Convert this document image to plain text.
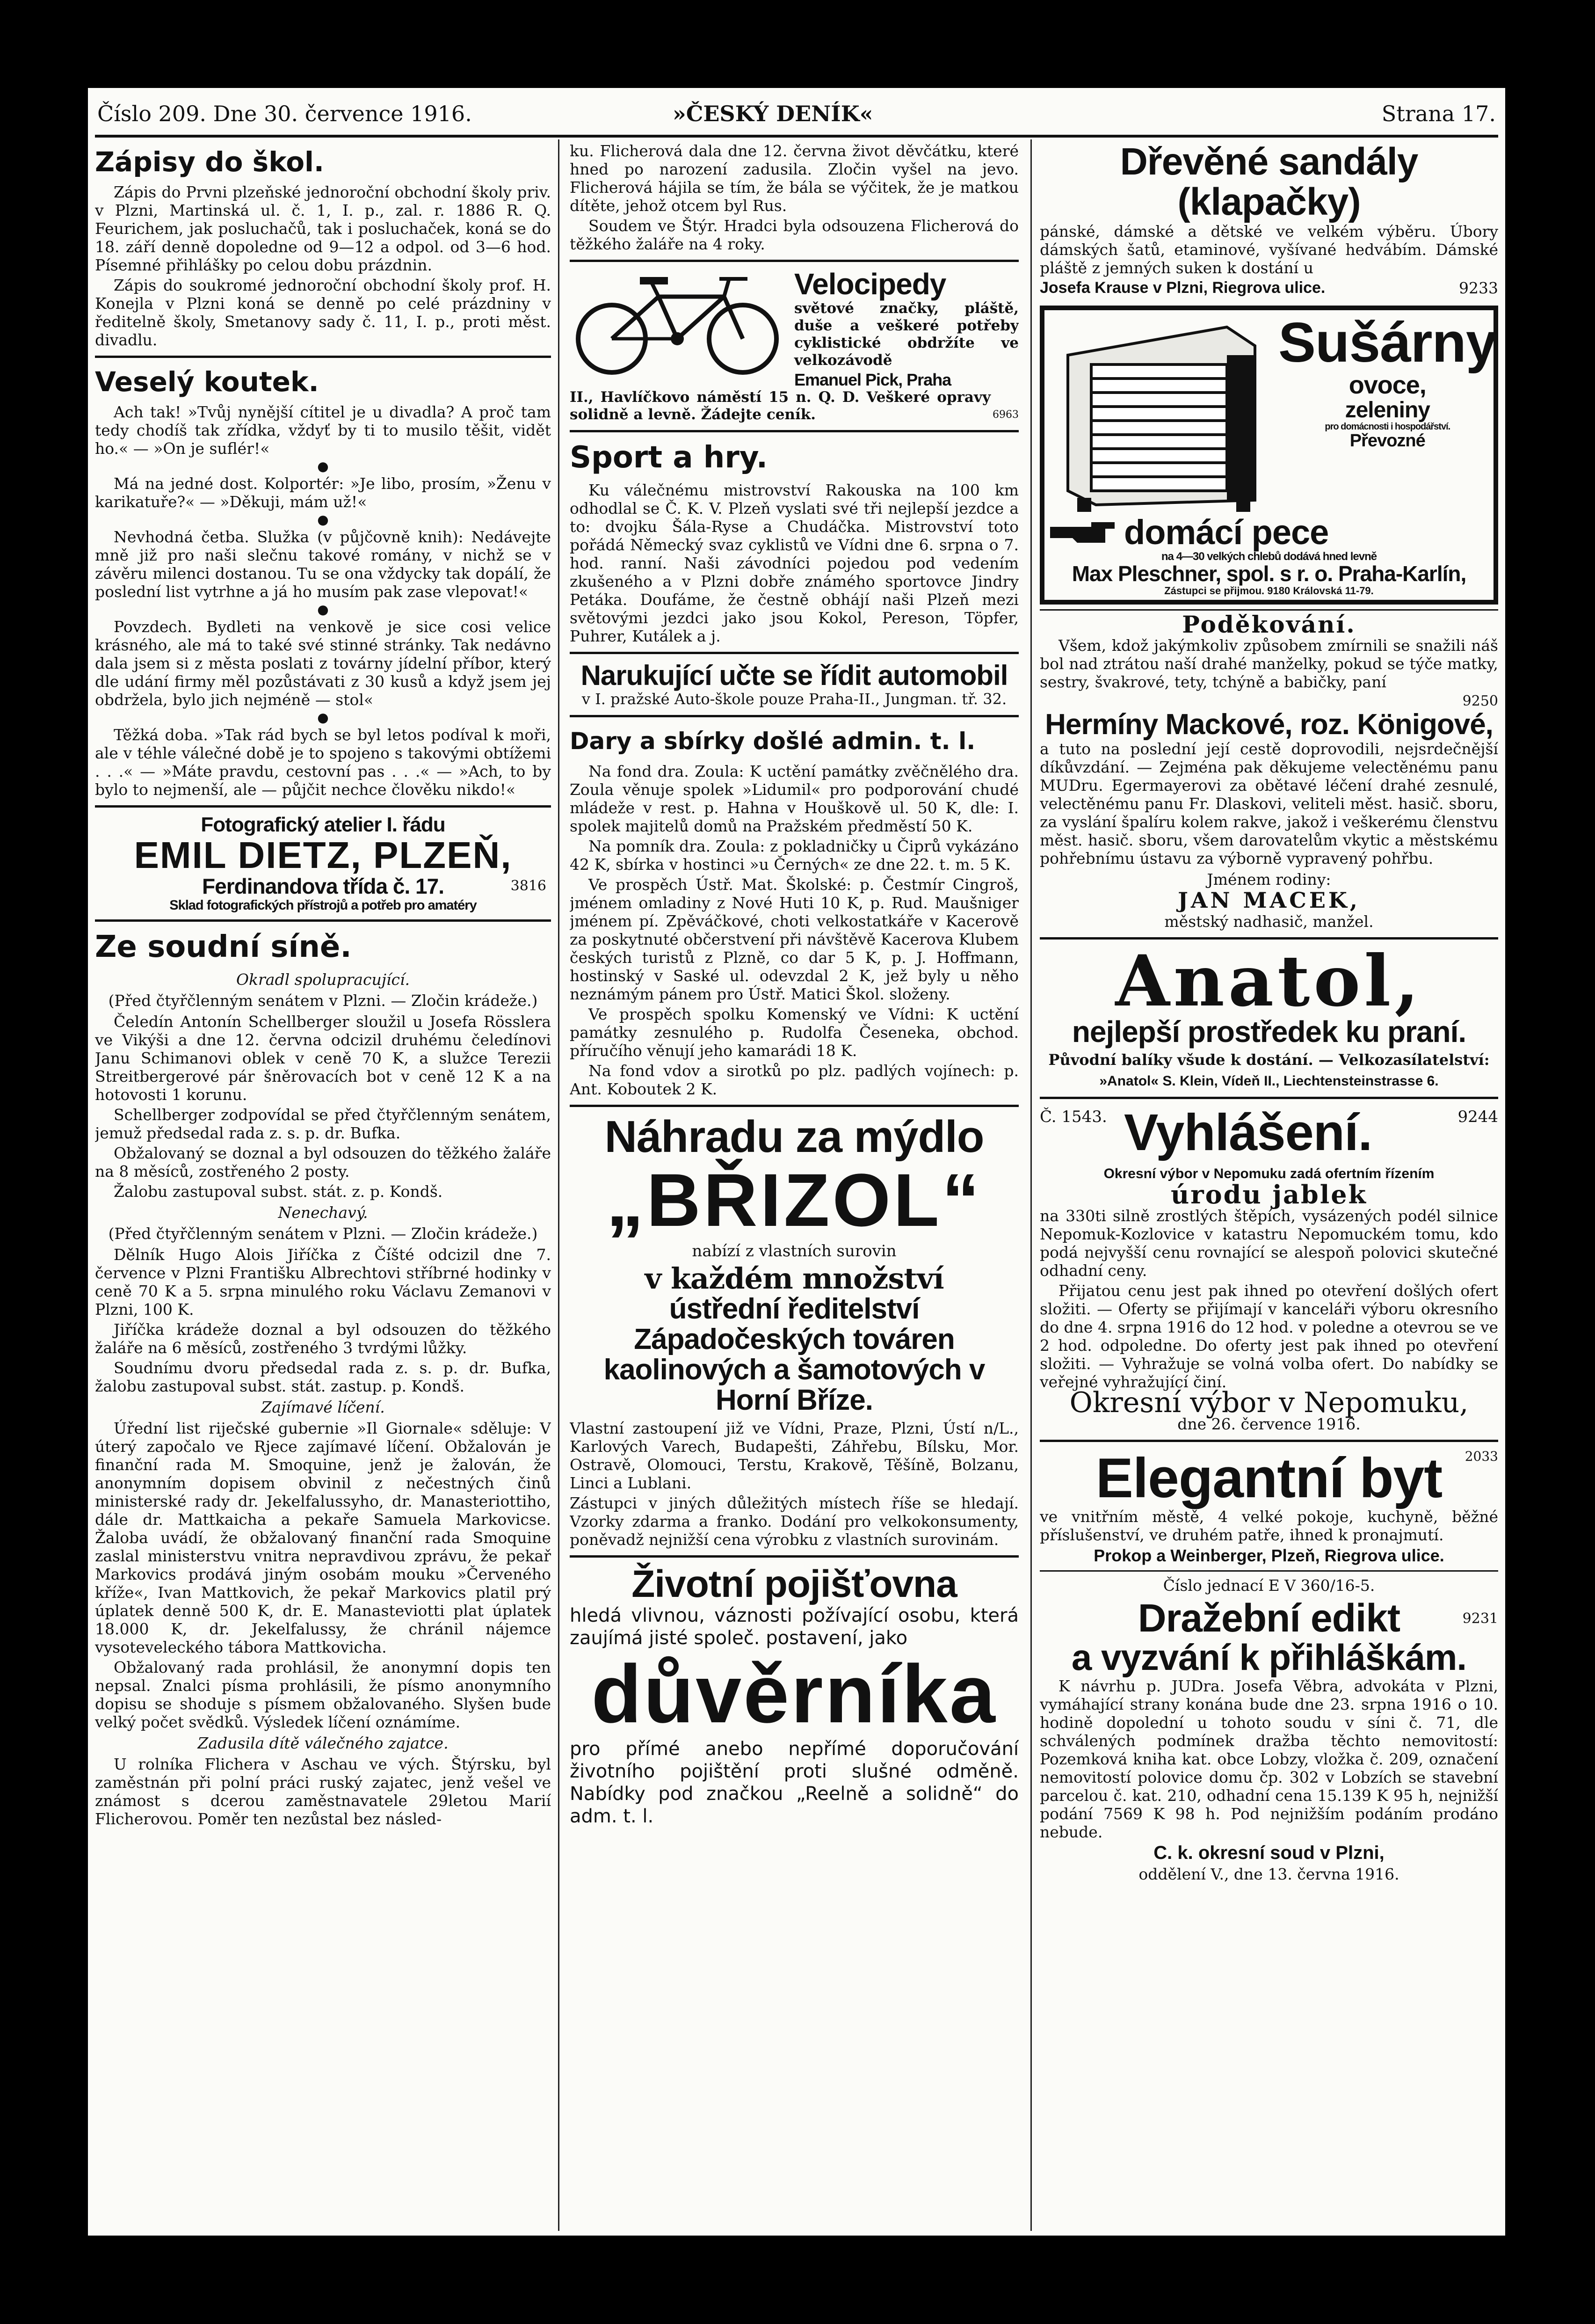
Číslo 209. Dne 30. července 1916.	»ČESKÝ DENÍK«	Strana 17.
Zápisy do škol.

Zápis do Prvni plzeňské jednoroční obchodní školy priv. v Plzni, Martinská ul. č. 1, I. p., zal. r. 1886 R. Q. Feurichem, jak posluchačů, tak i posluchaček, koná se do 18. září denně dopoledne od 9—12 a odpol. od 3—6 hod. Písemné přihlášky po celou dobu prázdnin.

Zápis do soukromé jednoroční obchodní školy prof. H. Konejla v Plzni koná se denně po celé prázdniny v ředitelně školy, Smetanovy sady č. 11, I. p., proti měst. divadlu.

Veselý koutek.

Ach tak! »Tvůj nynější cítitel je u divadla? A proč tam tedy chodíš tak zřídka, vždyť by ti to musilo těšit, vidět ho.« — »On je suflér!«

●

Má na jedné dost. Kolportér: »Je libo, prosím, »Ženu v karikatuře?« — »Děkuji, mám už!«

●

Nevhodná četba. Služka (v půjčovně knih): Nedávejte mně již pro naši slečnu takové romány, v nichž se v závěru milenci dostanou. Tu se ona vždycky tak dopálí, že poslední list vytrhne a já ho musím pak zase vlepovat!«

●

Povzdech. Bydleti na venkově je sice cosi velice krásného, ale má to také své stinné stránky. Tak nedávno dala jsem si z města poslati z továrny jídelní příbor, který dle udání firmy měl pozůstávati z 30 kusů a když jsem jej obdržela, bylo jich nejméně — stol«

●

Těžká doba. »Tak rád bych se byl letos podíval k moři, ale v téhle válečné době je to spojeno s takovými obtížemi . . .« — »Máte pravdu, cestovní pas . . .« — »Ach, to by bylo to nejmenší, ale — půjčit nechce člověku nikdo!«

Fotografický atelier I. řádu
EMIL DIETZ, PLZEŇ,
Ferdinandova třída č. 17.	3816
Sklad fotografických přístrojů a potřeb pro amatéry
Ze soudní síně.
Okradl spolupracující.
(Před čtyřčlenným senátem v Plzni. — Zločin krádeže.)

Čeledín Antonín Schellberger sloužil u Josefa Rösslera ve Vikýši a dne 12. června odcizil druhému čeledínovi Janu Schimanovi oblek v ceně 70 K, a služce Terezii Streitbergerové pár šněrovacích bot v ceně 12 K a na hotovosti 1 korunu.

Schellberger zodpovídal se před čtyřčlenným senátem, jemuž předsedal rada z. s. p. dr. Bufka.

Obžalovaný se doznal a byl odsouzen do těžkého žaláře na 8 měsíců, zostřeného 2 posty.

Žalobu zastupoval subst. stát. z. p. Kondš.

Nenechavý.
(Před čtyřčlenným senátem v Plzni. — Zločin krádeže.)

Dělník Hugo Alois Jiříčka z Číšté odcizil dne 7. července v Plzni Františku Albrechtovi stříbrné hodinky v ceně 70 K a 5. srpna minulého roku Václavu Zemanovi v Plzni, 100 K.

Jiříčka krádeže doznal a byl odsouzen do těžkého žaláře na 6 měsíců, zostřeného 3 tvrdými lůžky.

Soudnímu dvoru předsedal rada z. s. p. dr. Bufka, žalobu zastupoval subst. stát. zastup. p. Kondš.

Zajímavé líčení.

Úřední list riječské gubernie »Il Giornale« sděluje: V úterý započalo ve Rjece zajímavé líčení. Obžalován je finanční rada M. Smoquine, jenž je žalován, že anonymním dopisem obvinil z nečestných činů ministerské rady dr. Jekelfalussyho, dr. Manasteriottiho, dále dr. Mattkaicha a pekaře Samuela Markovicse. Žaloba uvádí, že obžalovaný finanční rada Smoquine zaslal ministerstvu vnitra nepravdivou zprávu, že pekař Markovics prodává jiným osobám mouku »Červeného kříže«, Ivan Mattkovich, že pekař Markovics platil prý úplatek denně 500 K, dr. E. Manasteviotti plat úplatek 18.000 K, dr. Jekelfalussy, že chránil nájemce vysoteveleckého tábora Mattkovicha.

Obžalovaný rada prohlásil, že anonymní dopis ten nepsal. Znalci písma prohlásili, že písmo anonymního dopisu se shoduje s písmem obžalovaného. Slyšen bude velký počet svědků. Výsledek líčení oznámíme.

Zadusila dítě válečného zajatce.

U rolníka Flichera v Aschau ve vých. Štýrsku, byl zaměstnán při polní práci ruský zajatec, jenž vešel ve známost s dcerou zaměstnavatele 29letou Marií Flicherovou. Poměr ten nezůstal bez násled-

ku. Flicherová dala dne 12. června život děvčátku, které hned po narození zadusila. Zločin vyšel na jevo. Flicherová hájila se tím, že bála se výčitek, že je matkou dítěte, jehož otcem byl Rus.

Soudem ve Štýr. Hradci byla odsouzena Flicherová do těžkého žaláře na 4 roky.

Velocipedy
světové značky, pláště, duše a veškeré potřeby cyklistické obdržíte ve velkozávodě
Emanuel Pick, Praha

II., Havlíčkovo náměstí 15 n. Q. D. Veškeré opravy solidně a levně. Žádejte ceník.	6963
Sport a hry.

Ku válečnému mistrovství Rakouska na 100 km odhodlal se Č. K. V. Plzeň vyslati své tři nejlepší jezdce a to: dvojku Šála-Ryse a Chudáčka. Mistrovství toto pořádá Německý svaz cyklistů ve Vídni dne 6. srpna o 7. hod. ranní. Naši závodníci pojedou pod vedením zkušeného a v Plzni dobře známého sportovce Jindry Petáka. Doufáme, že čestně obhájí naši Plzeň mezi světovými jezdci jako jsou Kokol, Pereson, Töpfer, Puhrer, Kutálek a j.

Narukující učte se řídit automobil

v I. pražské Auto-škole pouze Praha-II., Jungman. tř. 32.

Dary a sbírky došlé admin. t. l.

Na fond dra. Zoula: K uctění památky zvěčnělého dra. Zoula věnuje spolek »Lidumil« pro podporování chudé mládeže v rest. p. Hahna v Houškově ul. 50 K, dle: I. spolek majitelů domů na Pražském předměstí 50 K.

Na pomník dra. Zoula: z pokladničky u Čiprů vykázáno 42 K, sbírka v hostinci »u Černých« ze dne 22. t. m. 5 K.

Ve prospěch Ústř. Mat. Školské: p. Čestmír Cingroš, jménem omladiny z Nové Huti 10 K, p. Rud. Maušniger jménem pí. Zpěváčkové, choti velkostatkáře v Kacerově za poskytnuté občerstvení při návštěvě Kacerova Klubem českých turistů z Plzně, co dar 5 K, p. J. Hoffmann, hostinský v Saské ul. odevzdal 2 K, jež byly u něho neznámým pánem pro Ústř. Matici Škol. složeny.

Ve prospěch spolku Komenský ve Vídni: K uctění památky zesnulého p. Rudolfa Česeneka, obchod. příručího věnují jeho kamarádi 18 K.

Na fond vdov a sirotků po plz. padlých vojínech: p. Ant. Koboutek 2 K.

Náhradu za mýdlo
„BŘIZOL“
nabízí z vlastních surovin
v každém množství
ústřední ředitelství Západočeských továren kaolinových a šamotových v Horní Bříze.

Vlastní zastoupení již ve Vídni, Praze, Plzni, Ústí n/L., Karlových Varech, Budapešti, Záhřebu, Bílsku, Mor. Ostravě, Olomouci, Terstu, Krakově, Těšíně, Bolzanu, Linci a Lublani.

Zástupci v jiných důležitých místech říše se hledají. Vzorky zdarma a franko. Dodání pro velkokonsumenty, poněvadž nejnižší cena výrobku z vlastních surovinám.

Životní pojišťovna

hledá vlivnou, váznosti požívající osobu, která zaujímá jisté společ. postavení, jako

důvěrníka

pro přímé anebo nepřímé doporučování životního pojištění proti slušné odměně. Nabídky pod značkou „Reelně a solidně“ do adm. t. l.

Dřevěné sandály (klapačky)

pánské, dámské a dětské ve velkém výběru. Úbory dámských šatů, etaminové, vyšívané hedvábím. Dámské pláště z jemných suken k dostání u

Josefa Krause v Plzni, Riegrova ulice.	9233
Sušárny
ovoce,
zeleniny
pro domácnosti i hospodářství.
Převozné
domácí pece
na 4—30 velkých chlebů dodává hned levně
Max Pleschner, spol. s r. o. Praha-Karlín,
Zástupci se přijmou. 9180 Královská 11-79.
Poděkování.

Všem, kdož jakýmkoliv způsobem zmírnili se snažili náš bol nad ztrátou naší drahé manželky, pokud se týče matky, sestry, švakrové, tety, tchýně a babičky, paní

9250
Hermíny Mackové, roz. Königové,

a tuto na poslední její cestě doprovodili, nejsrdečnější díkůvzdání. — Zejména pak děkujeme velectěnému panu MUDru. Egermayerovi za obětavé léčení drahé zesnulé, velectěnému panu Fr. Dlaskovi, veliteli měst. hasič. sboru, za vyslání špalíru kolem rakve, jakož i veškerému členstvu měst. hasič. sboru, všem darovatelům vkytic a městskému pohřebnímu ústavu za výborně vypravený pohřbu.

Jménem rodiny:
JAN MACEK,
městský nadhasič, manžel.
Anatol,
nejlepší prostředek ku praní.
Původní balíky všude k dostání. — Velkozasílatelství:
»Anatol« S. Klein, Vídeň II., Liechtensteinstrasse 6.
Č. 1543. Vyhlášení.	9244
Okresní výbor v Nepomuku zadá ofertním řízením
úrodu jablek

na 330ti silně zrostlých štěpích, vysázených podél silnice Nepomuk-Kozlovice v katastru Nepomuckém tomu, kdo podá nejvyšší cenu rovnající se alespoň polovici skutečné odhadní ceny.

Přijatou cenu jest pak ihned po otevření došlých ofert složiti. — Oferty se přijímají v kanceláři výboru okresního do dne 4. srpna 1916 do 12 hod. v poledne a otevrou se ve 2 hod. odpoledne. Do oferty jest pak ihned po otevření složiti. — Vyhražuje se volná volba ofert. Do nabídky se veřejné vyhražující činí.

Okresní výbor v Nepomuku,
dne 26. července 1916.
Elegantní byt	2033

ve vnitřním městě, 4 velké pokoje, kuchyně, běžné příslušenství, ve druhém patře, ihned k pronajmutí.

Prokop a Weinberger, Plzeň, Riegrova ulice.
Číslo jednací E V 360/16-5.
Dražební edikt	9231
a vyzvání k přihláškám.

K návrhu p. JUDra. Josefa Věbra, advokáta v Plzni, vymáhající strany konána bude dne 23. srpna 1916 o 10. hodině dopolední u tohoto soudu v síni č. 71, dle schválených podmínek dražba těchto nemovitostí: Pozemková kniha kat. obce Lobzy, vložka č. 209, označení nemovitostí polovice domu čp. 302 v Lobzích se stavební parcelou č. kat. 210, odhadní cena 15.139 K 95 h, nejnižší podání 7569 K 98 h. Pod nejnižším podáním prodáno nebude.

C. k. okresní soud v Plzni,
oddělení V., dne 13. června 1916.
